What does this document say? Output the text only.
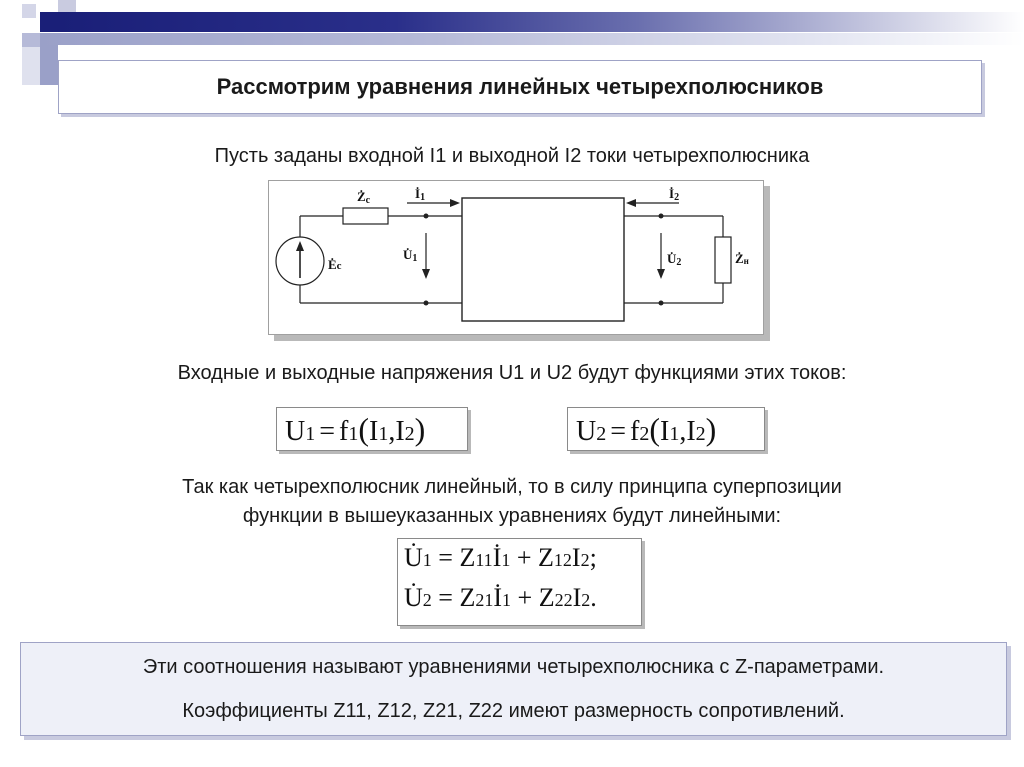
Рассмотрим уравнения линейных четырехполюсников
Пусть заданы входной I1 и выходной I2 токи четырехполюсника
Żc	İ1	İ2
U̇1	U̇2
Ėc	Żн
Входные и выходные напряжения U1 и U2 будут функциями этих токов:
U1 = f1(I1,I2)	U2 = f2(I1,I2)
Так как четырехполюсник линейный, то в силу принципа суперпозиции
функции в вышеуказанных уравнениях будут линейными:
U̇1 = Z11İ1 + Z12I2;
U̇2 = Z21İ1 + Z22I2.
Эти соотношения называют уравнениями четырехполюсника с Z-параметрами.
Коэффициенты Z11, Z12, Z21, Z22 имеют размерность сопротивлений.
